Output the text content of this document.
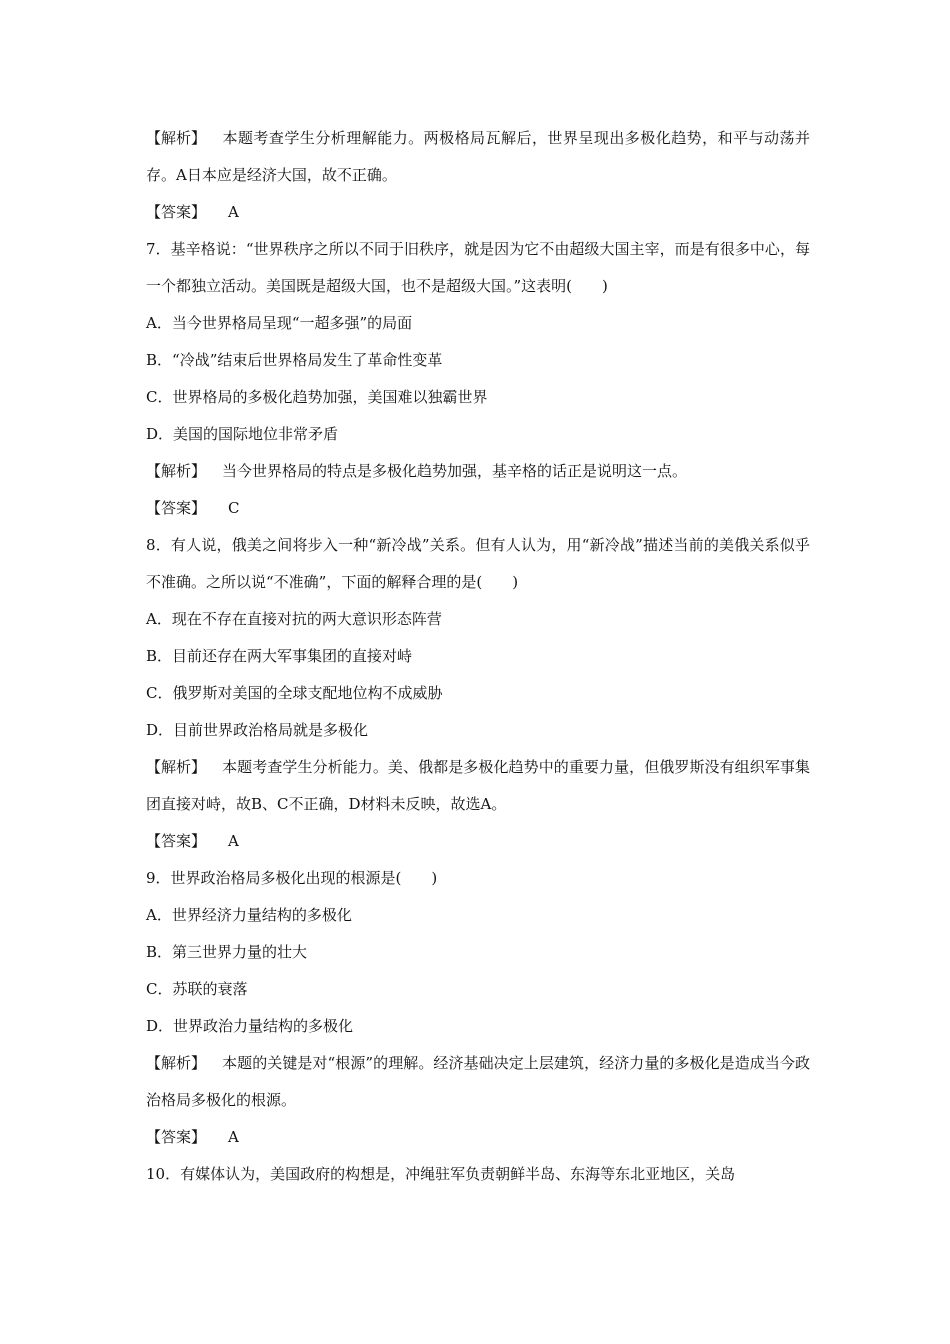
【解析】 本题考查学生分析理解能力。两极格局瓦解后，世界呈现出多极化趋势，和平与动荡并存。A日本应是经济大国，故不正确。
【答案】 A
7．基辛格说：“世界秩序之所以不同于旧秩序，就是因为它不由超级大国主宰，而是有很多中心，每一个都独立活动。美国既是超级大国，也不是超级大国。”这表明(　　)
A．当今世界格局呈现“一超多强”的局面
B．“冷战”结束后世界格局发生了革命性变革
C．世界格局的多极化趋势加强，美国难以独霸世界
D．美国的国际地位非常矛盾
【解析】 当今世界格局的特点是多极化趋势加强，基辛格的话正是说明这一点。
【答案】 C
8．有人说，俄美之间将步入一种“新冷战”关系。但有人认为，用“新冷战”描述当前的美俄关系似乎不准确。之所以说“不准确”，下面的解释合理的是(　　)
A．现在不存在直接对抗的两大意识形态阵营
B．目前还存在两大军事集团的直接对峙
C．俄罗斯对美国的全球支配地位构不成威胁
D．目前世界政治格局就是多极化
【解析】 本题考查学生分析能力。美、俄都是多极化趋势中的重要力量，但俄罗斯没有组织军事集团直接对峙，故B、C不正确，D材料未反映，故选A。
【答案】 A
9．世界政治格局多极化出现的根源是(　　)
A．世界经济力量结构的多极化
B．第三世界力量的壮大
C．苏联的衰落
D．世界政治力量结构的多极化
【解析】 本题的关键是对“根源”的理解。经济基础决定上层建筑，经济力量的多极化是造成当今政治格局多极化的根源。
【答案】 A
10．有媒体认为，美国政府的构想是，冲绳驻军负责朝鲜半岛、东海等东北亚地区，关岛
